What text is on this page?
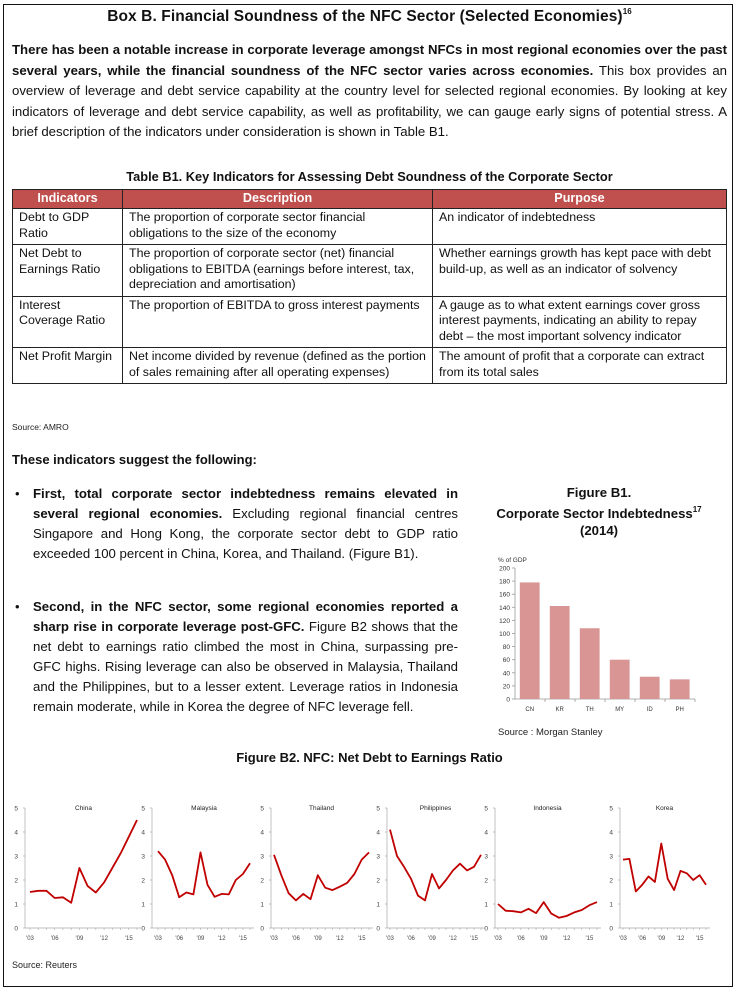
Box B. Financial Soundness of the NFC Sector (Selected Economies)$^{16}$
There has been a notable increase in corporate leverage amongst NFCs in most regional economies over the past several years, while the financial soundness of the NFC sector varies across economies. This box provides an overview of leverage and debt service capability at the country level for selected regional economies. By looking at key indicators of leverage and debt service capability, as well as profitability, we can gauge early signs of potential stress. A brief description of the indicators under consideration is shown in Table B1.
Table B1. Key Indicators for Assessing Debt Soundness of the Corporate Sector
Indicators	Description	Purpose
Debt to GDP Ratio	The proportion of corporate sector financial obligations to the size of the economy	An indicator of indebtedness
Net Debt to Earnings Ratio	The proportion of corporate sector (net) financial obligations to EBITDA (earnings before interest, tax, depreciation and amortisation)	Whether earnings growth has kept pace with debt build-up, as well as an indicator of solvency
Interest Coverage Ratio	The proportion of EBITDA to gross interest payments	A gauge as to what extent earnings cover gross interest payments, indicating an ability to repay debt – the most important solvency indicator
Net Profit Margin	Net income divided by revenue (defined as the portion of sales remaining after all operating expenses)	The amount of profit that a corporate can extract from its total sales
Source: AMRO
These indicators suggest the following:
• First, total corporate sector indebtedness remains elevated in several regional economies. Excluding regional financial centres Singapore and Hong Kong, the corporate sector debt to GDP ratio exceeded 100 percent in China, Korea, and Thailand. (Figure B1).
• Second, in the NFC sector, some regional economies reported a sharp rise in corporate leverage post-GFC. Figure B2 shows that the net debt to earnings ratio climbed the most in China, surpassing pre-GFC highs. Rising leverage can also be observed in Malaysia, Thailand and the Philippines, but to a lesser extent. Leverage ratios in Indonesia remain moderate, while in Korea the degree of NFC leverage fell.
Figure B1.
Corporate Sector Indebtedness$^{17}$
(2014)
% of GDP
0
20
40
60
80
100
120
140
160
180
200
CN	KR	TH	MY	ID	PH
Source : Morgan Stanley
Figure B2. NFC: Net Debt to Earnings Ratio
0
1
2
3
4
5
'03	'06	'09	'12	'15
China
0
1
2
3
4
5
'03 '06 '09 '12 '15
Malaysia
0
1
2
3
4
5
'03 '06 '09 '12 '15
Thailand
0
1
2
3
4
5
'03 '06 '09 '12 '15
Philippines
0
1
2
3
4
5
'03	'06	'09	'12	'15
Indonesia
0
1
2
3
4
5
'03 '06 '09 '12 '15
Korea
Source: Reuters
